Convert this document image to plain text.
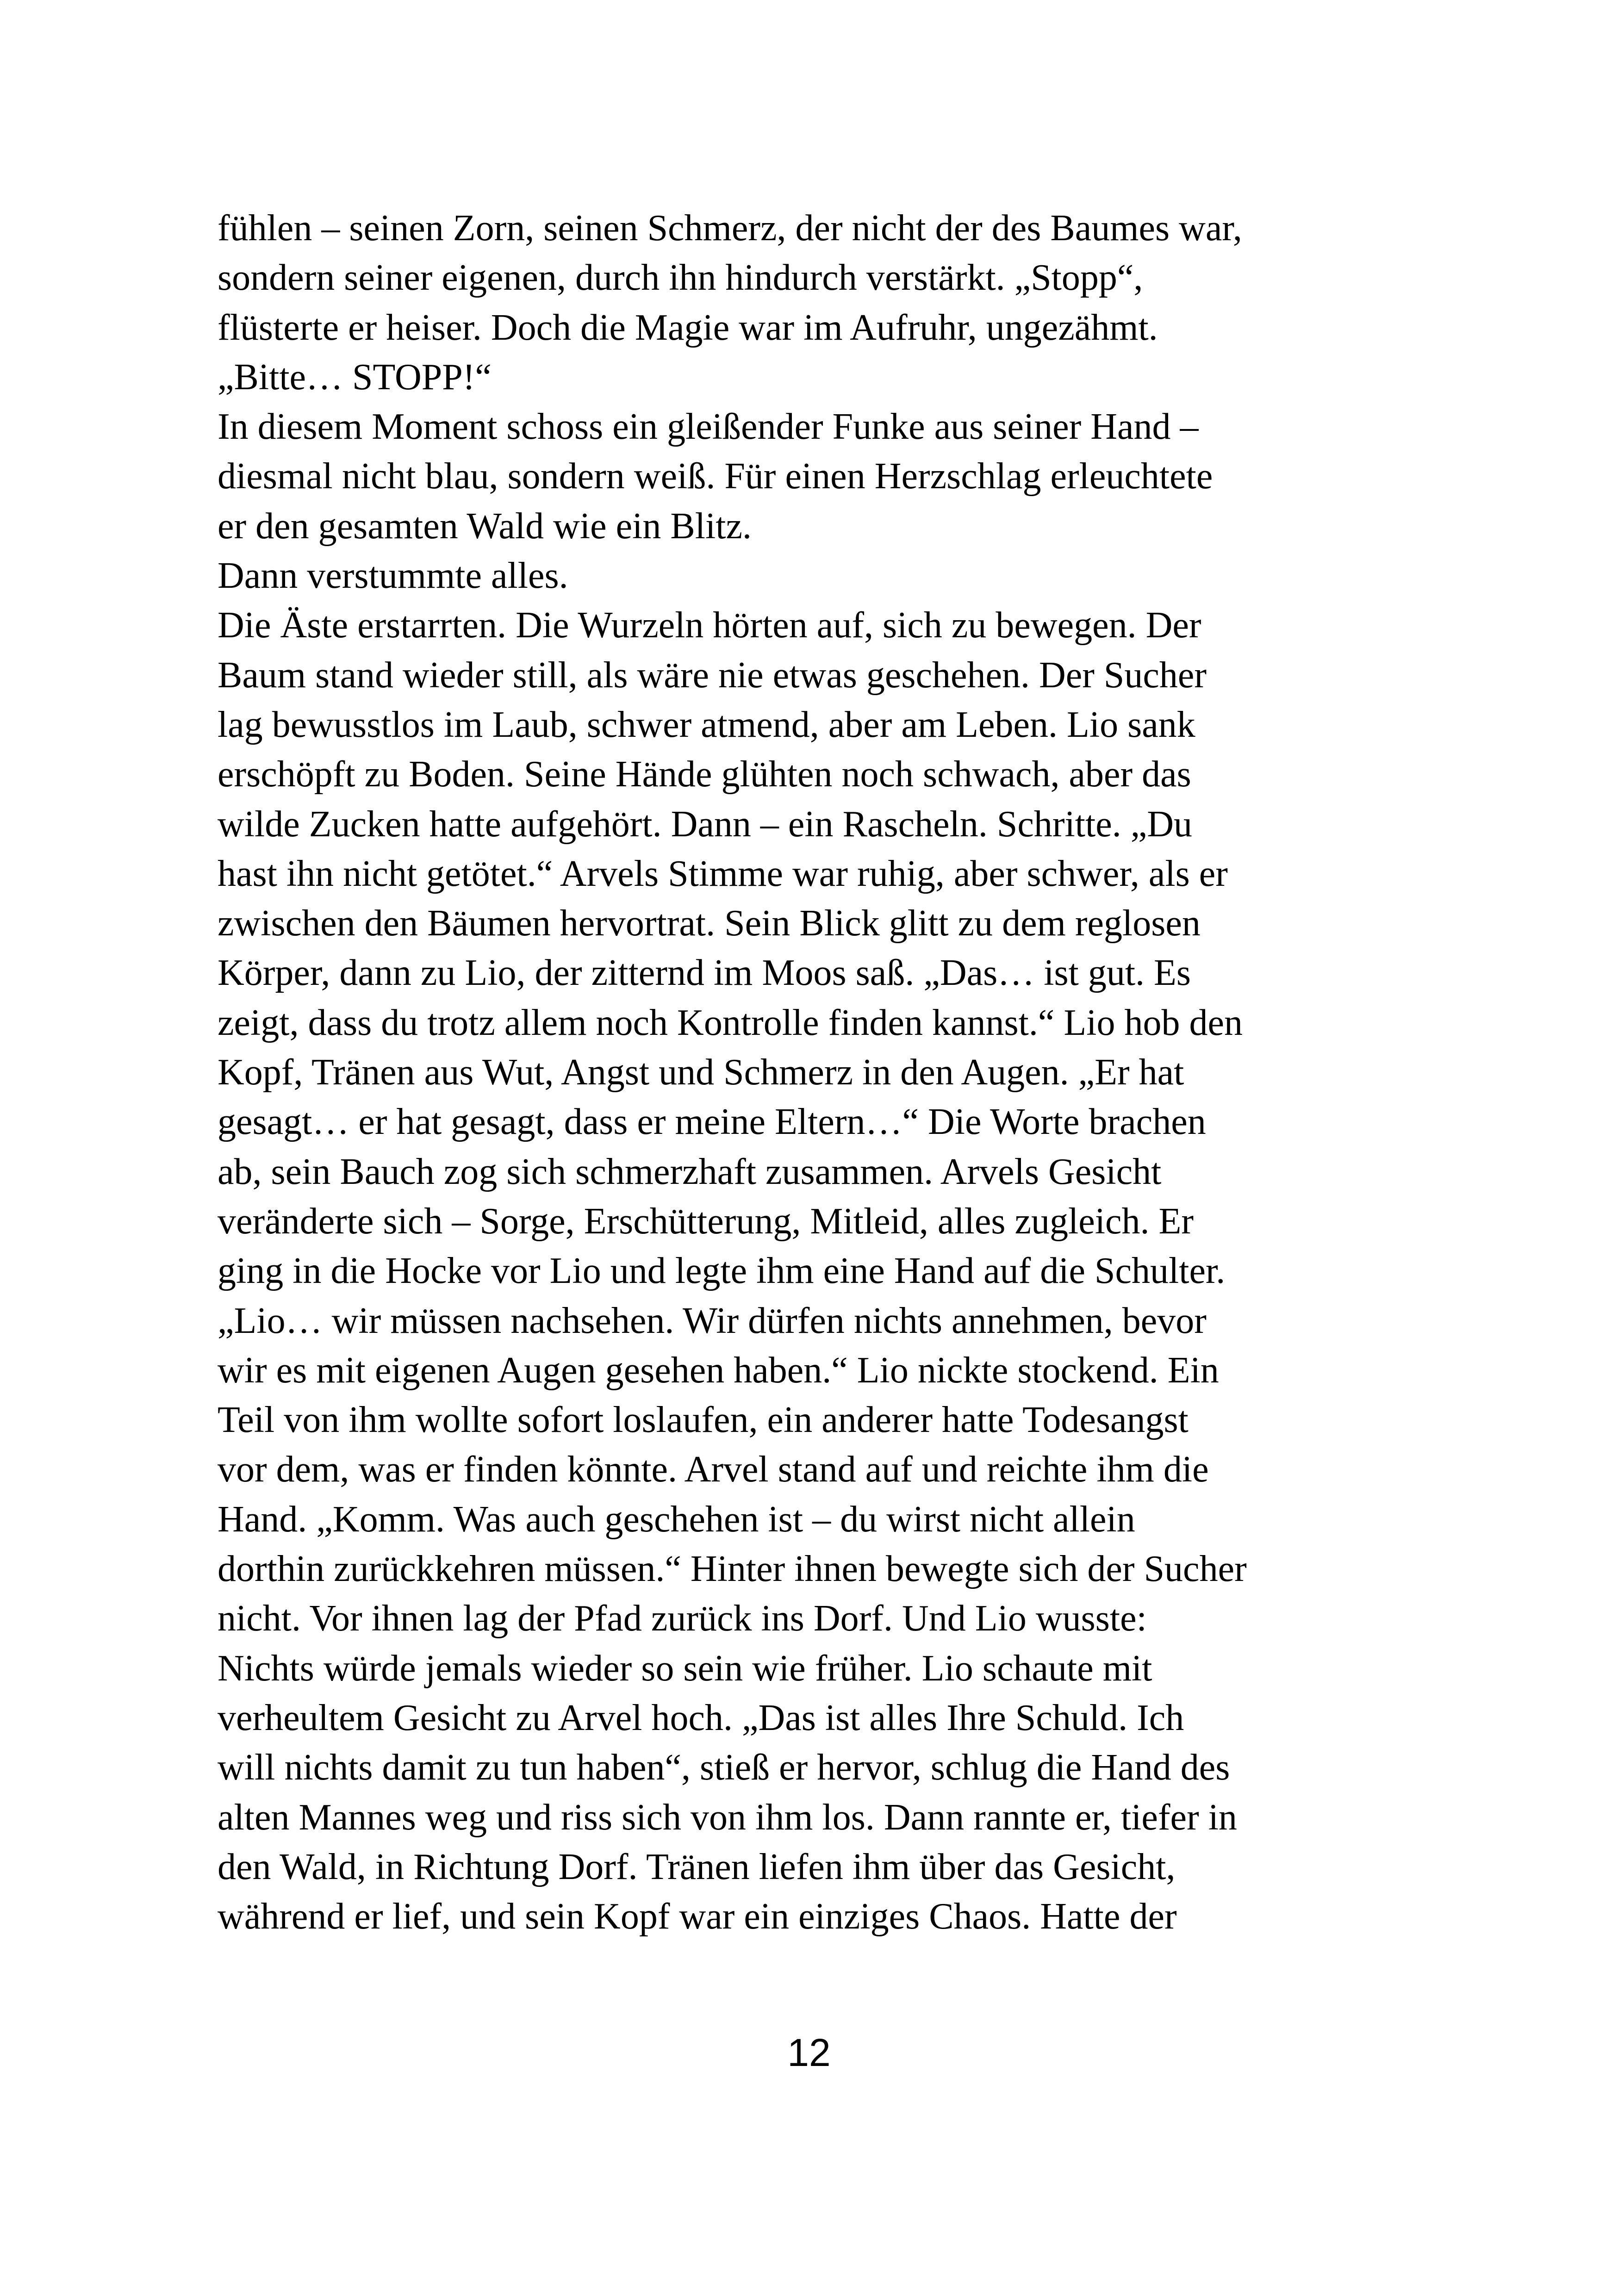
fühlen – seinen Zorn, seinen Schmerz, der nicht der des Baumes war,
sondern seiner eigenen, durch ihn hindurch verstärkt. „Stopp“,
flüsterte er heiser. Doch die Magie war im Aufruhr, ungezähmt.
„Bitte… STOPP!“
In diesem Moment schoss ein gleißender Funke aus seiner Hand –
diesmal nicht blau, sondern weiß. Für einen Herzschlag erleuchtete
er den gesamten Wald wie ein Blitz.
Dann verstummte alles.
Die Äste erstarrten. Die Wurzeln hörten auf, sich zu bewegen. Der
Baum stand wieder still, als wäre nie etwas geschehen. Der Sucher
lag bewusstlos im Laub, schwer atmend, aber am Leben. Lio sank
erschöpft zu Boden. Seine Hände glühten noch schwach, aber das
wilde Zucken hatte aufgehört. Dann – ein Rascheln. Schritte. „Du
hast ihn nicht getötet.“ Arvels Stimme war ruhig, aber schwer, als er
zwischen den Bäumen hervortrat. Sein Blick glitt zu dem reglosen
Körper, dann zu Lio, der zitternd im Moos saß. „Das… ist gut. Es
zeigt, dass du trotz allem noch Kontrolle finden kannst.“ Lio hob den
Kopf, Tränen aus Wut, Angst und Schmerz in den Augen. „Er hat
gesagt… er hat gesagt, dass er meine Eltern…“ Die Worte brachen
ab, sein Bauch zog sich schmerzhaft zusammen. Arvels Gesicht
veränderte sich – Sorge, Erschütterung, Mitleid, alles zugleich. Er
ging in die Hocke vor Lio und legte ihm eine Hand auf die Schulter.
„Lio… wir müssen nachsehen. Wir dürfen nichts annehmen, bevor
wir es mit eigenen Augen gesehen haben.“ Lio nickte stockend. Ein
Teil von ihm wollte sofort loslaufen, ein anderer hatte Todesangst
vor dem, was er finden könnte. Arvel stand auf und reichte ihm die
Hand. „Komm. Was auch geschehen ist – du wirst nicht allein
dorthin zurückkehren müssen.“ Hinter ihnen bewegte sich der Sucher
nicht. Vor ihnen lag der Pfad zurück ins Dorf. Und Lio wusste:
Nichts würde jemals wieder so sein wie früher. Lio schaute mit
verheultem Gesicht zu Arvel hoch. „Das ist alles Ihre Schuld. Ich
will nichts damit zu tun haben“, stieß er hervor, schlug die Hand des
alten Mannes weg und riss sich von ihm los. Dann rannte er, tiefer in
den Wald, in Richtung Dorf. Tränen liefen ihm über das Gesicht,
während er lief, und sein Kopf war ein einziges Chaos. Hatte der
12
